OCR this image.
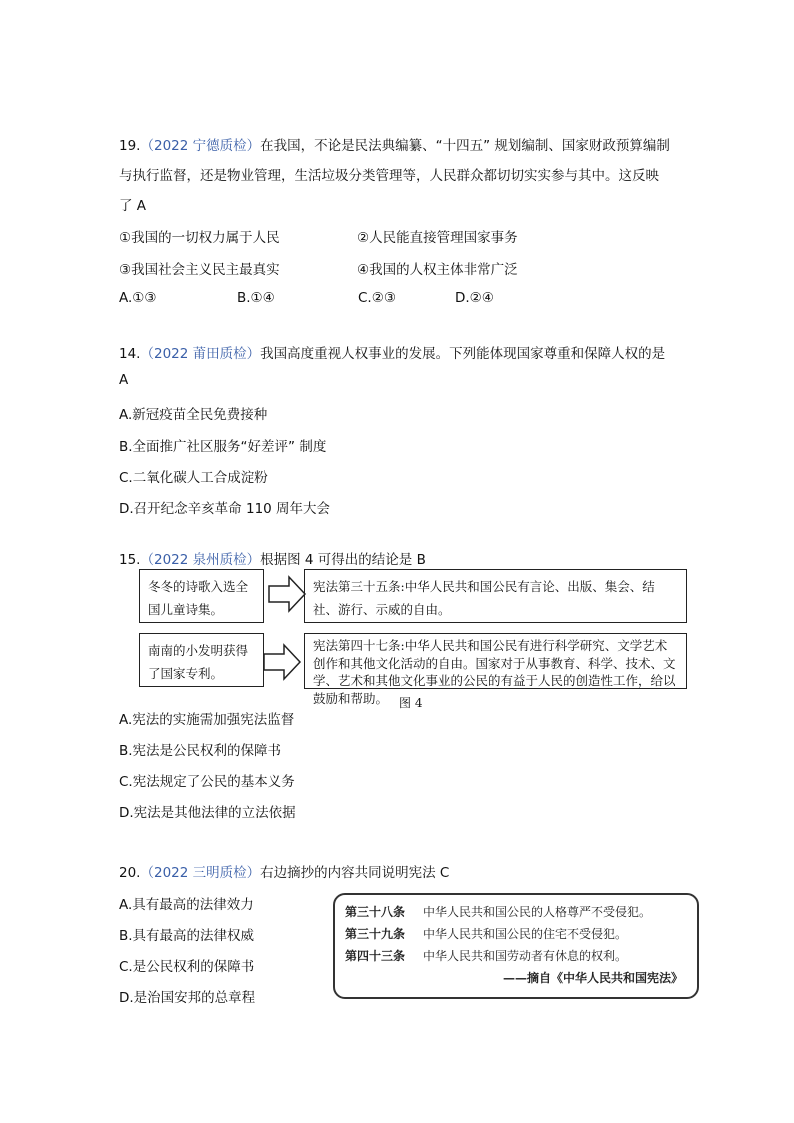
19.（2022 宁德质检）在我国，不论是民法典编纂、“十四五” 规划编制、国家财政预算编制
与执行监督，还是物业管理，生活垃圾分类管理等，人民群众都切切实实参与其中。这反映
了 A
①我国的一切权力属于人民	②人民能直接管理国家事务
③我国社会主义民主最真实	④我国的人权主体非常广泛
A.①③	B.①④	C.②③	D.②④
14.（2022 莆田质检）我国高度重视人权事业的发展。下列能体现国家尊重和保障人权的是
A
A.新冠疫苗全民免费接种
B.全面推广社区服务“好差评” 制度
C.二氧化碳人工合成淀粉
D.召开纪念辛亥革命 110 周年大会
15.（2022 泉州质检）根据图 4 可得出的结论是 B
冬冬的诗歌入选全国儿童诗集。
宪法第三十五条:中华人民共和国公民有言论、出版、集会、结社、游行、示威的自由。
南南的小发明获得了国家专利。
宪法第四十七条:中华人民共和国公民有进行科学研究、文学艺术创作和其他文化活动的自由。国家对于从事教育、科学、技术、文学、艺术和其他文化事业的公民的有益于人民的创造性工作，给以鼓励和帮助。 图 4
A.宪法的实施需加强宪法监督
B.宪法是公民权利的保障书
C.宪法规定了公民的基本义务
D.宪法是其他法律的立法依据
20.（2022 三明质检）右边摘抄的内容共同说明宪法 C
A.具有最高的法律效力
B.具有最高的法律权威
C.是公民权利的保障书
D.是治国安邦的总章程
第三十八条 中华人民共和国公民的人格尊严不受侵犯。
第三十九条 中华人民共和国公民的住宅不受侵犯。
第四十三条 中华人民共和国劳动者有休息的权利。
——摘自《中华人民共和国宪法》
